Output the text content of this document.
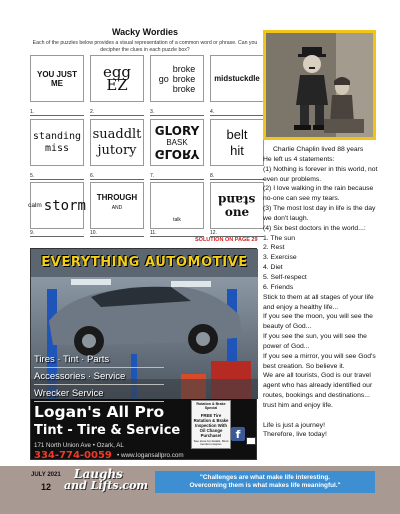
Wacky Wordies
Each of the puzzles below provides a visual representation of a common word or phrase. Can you decipher the clues in each puzzle box?
YOU JUST ME
egg
EZ	go
broke
broke
broke
midstuckdle
1.	2.	3.	4.
standing
miss
suaddlt
jutory
GLORY
BASK
GLORY
belt
hit
5.	6.	7.	8.
calm storm THROUGH
AND
talk
stand
one
9.	10.	11.	12.
SOLUTION ON PAGE 29
EVERYTHING AUTOMOTIVE
Tires · Tint · Parts
Accessories · Service
Wrecker Service
Logan's All Pro
Tint - Tire & Service
171 North Union Ave • Ozark, AL
334-774-0059 • www.logansallpro.com
Rotation & Brake Special
FREE Tire Rotation & Brake Inspection With Oil Change Purchase!
See store for details. Must mention coupon.
f

Charlie Chaplin lived 88 years

He left us 4 statements:
(1) Nothing is forever in this world, not even our problems.
(2) I love walking in the rain because no-one can see my tears.
(3) The most lost day in life is the day we don't laugh.
(4) Six best doctors in the world...:
1. The sun
2. Rest
3. Exercise
4. Diet
5. Self-respect
6. Friends
Stick to them at all stages of your life and enjoy a healthy life...
If you see the moon, you will see the beauty of God...
If you see the sun, you will see the power of God...
If you see a mirror, you will see God's best creation. So believe it.
We are all tourists, God is our travel agent who has already identified our routes, bookings and destinations... trust him and enjoy life.

Life is just a journey!
Therefore, live today!

JULY 2021
12
Laughs
and Lifts.com
"Challenges are what make life interesting.
Overcoming them is what makes life meaningful."
